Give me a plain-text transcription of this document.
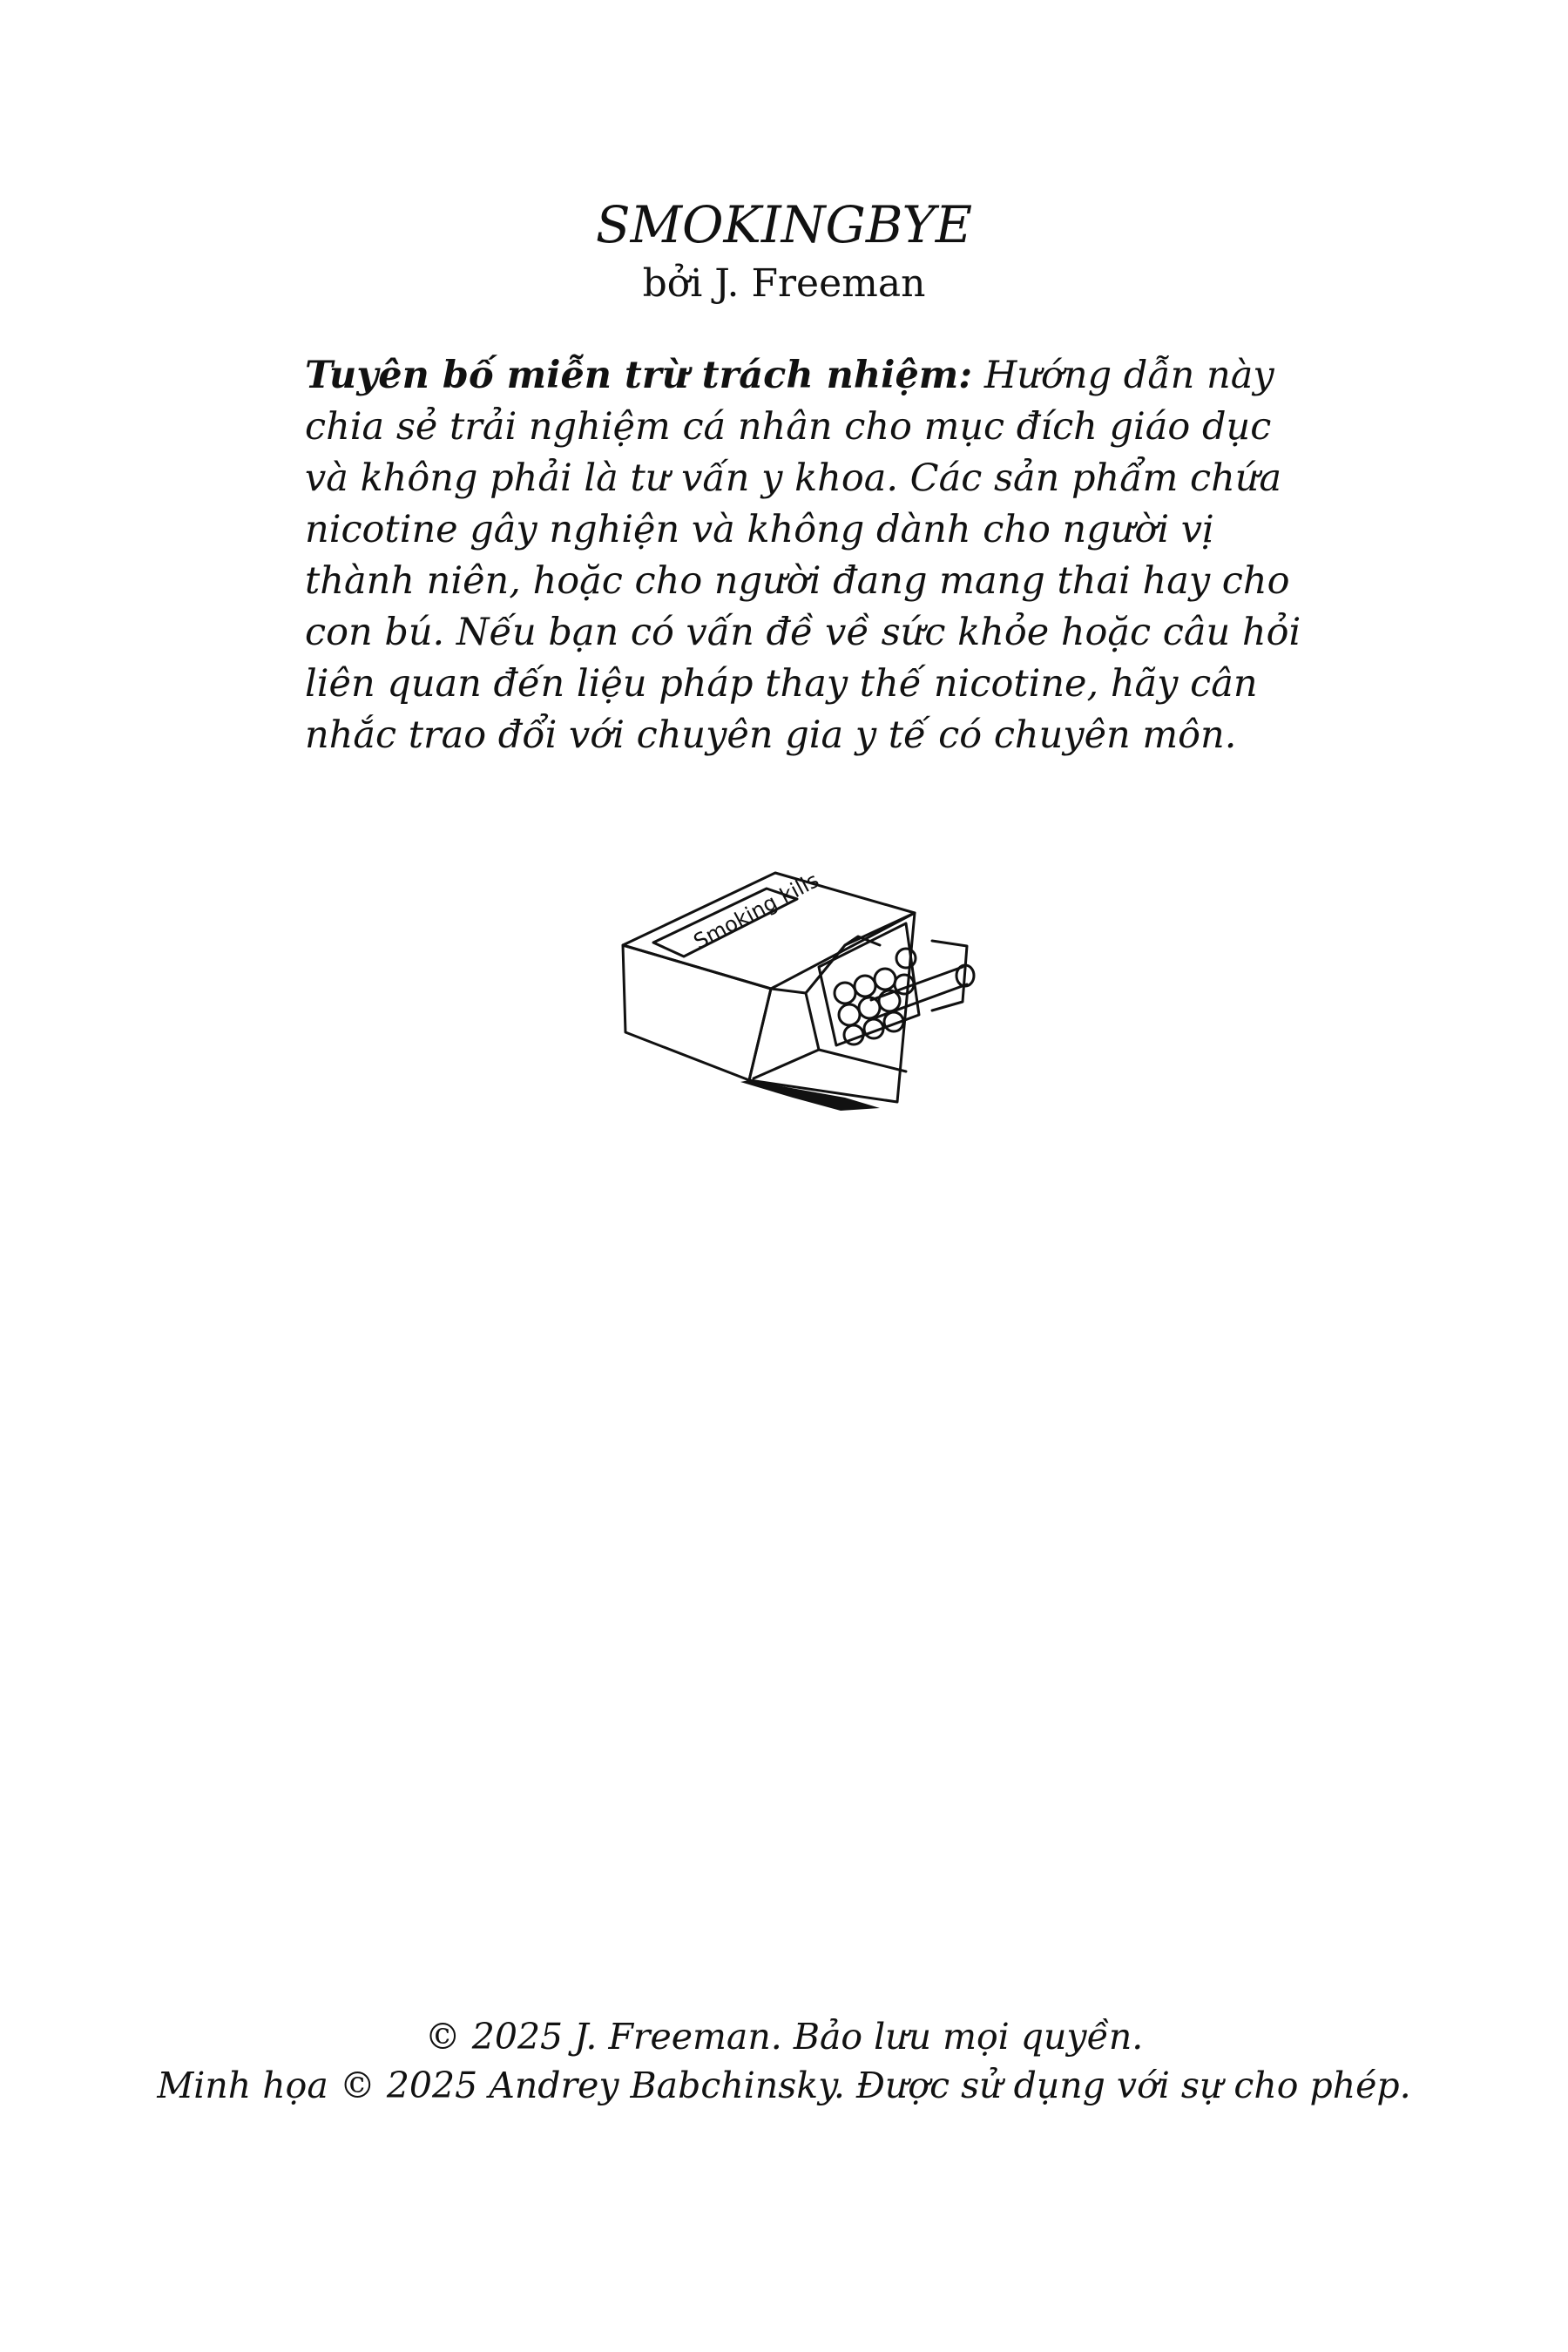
SMOKINGBYE
bởi J. Freeman

Tuyên bố miễn trừ trách nhiệm: Hướng dẫn này chia sẻ trải nghiệm cá nhân cho mục đích giáo dục và không phải là tư vấn y khoa. Các sản phẩm chứa nicotine gây nghiện và không dành cho người vị thành niên, hoặc cho người đang mang thai hay cho con bú. Nếu bạn có vấn đề về sức khỏe hoặc câu hỏi liên quan đến liệu pháp thay thế nicotine, hãy cân nhắc trao đổi với chuyên gia y tế có chuyên môn.

Smoking kills
© 2025 J. Freeman. Bảo lưu mọi quyền.
Minh họa © 2025 Andrey Babchinsky. Được sử dụng với sự cho phép.
